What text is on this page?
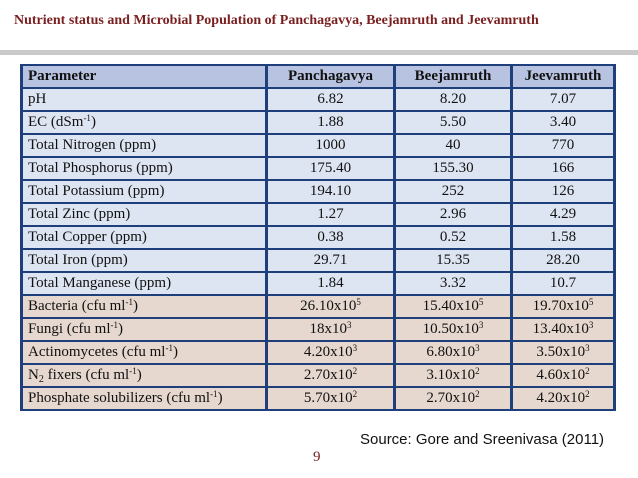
Nutrient status and Microbial Population of Panchagavya, Beejamruth and Jeevamruth
Parameter	Panchagavya	Beejamruth	Jeevamruth
pH	6.82	8.20	7.07
EC (dSm$^{-1}$)	1.88	5.50	3.40
Total Nitrogen (ppm)	1000	40	770
Total Phosphorus (ppm)	175.40	155.30	166
Total Potassium (ppm)	194.10	252	126
Total Zinc (ppm)	1.27	2.96	4.29
Total Copper (ppm)	0.38	0.52	1.58
Total Iron (ppm)	29.71	15.35	28.20
Total Manganese (ppm)	1.84	3.32	10.7
Bacteria (cfu $ml^{-1}$)	$26.10x10^5$	$15.40x10^5$	$19.70x10^5$
Fungi (cfu $ml^{-1}$)	$18x10^3$	$10.50x10^3$	$13.40x10^3$
Actinomycetes (cfu $ml^{-1}$)	$4.20x10^3$	$6.80x10^3$	$3.50x10^3$
N2 fixers (cfu $ml^{-1}$)	$2.70x10^2$	$3.10x10^2$	$4.60x10^2$
Phosphate solubilizers (cfu $ml^{-1}$)	$5.70x10^2$	$2.70x10^2$	$4.20x10^2$
Source: Gore and Sreenivasa (2011)
9
